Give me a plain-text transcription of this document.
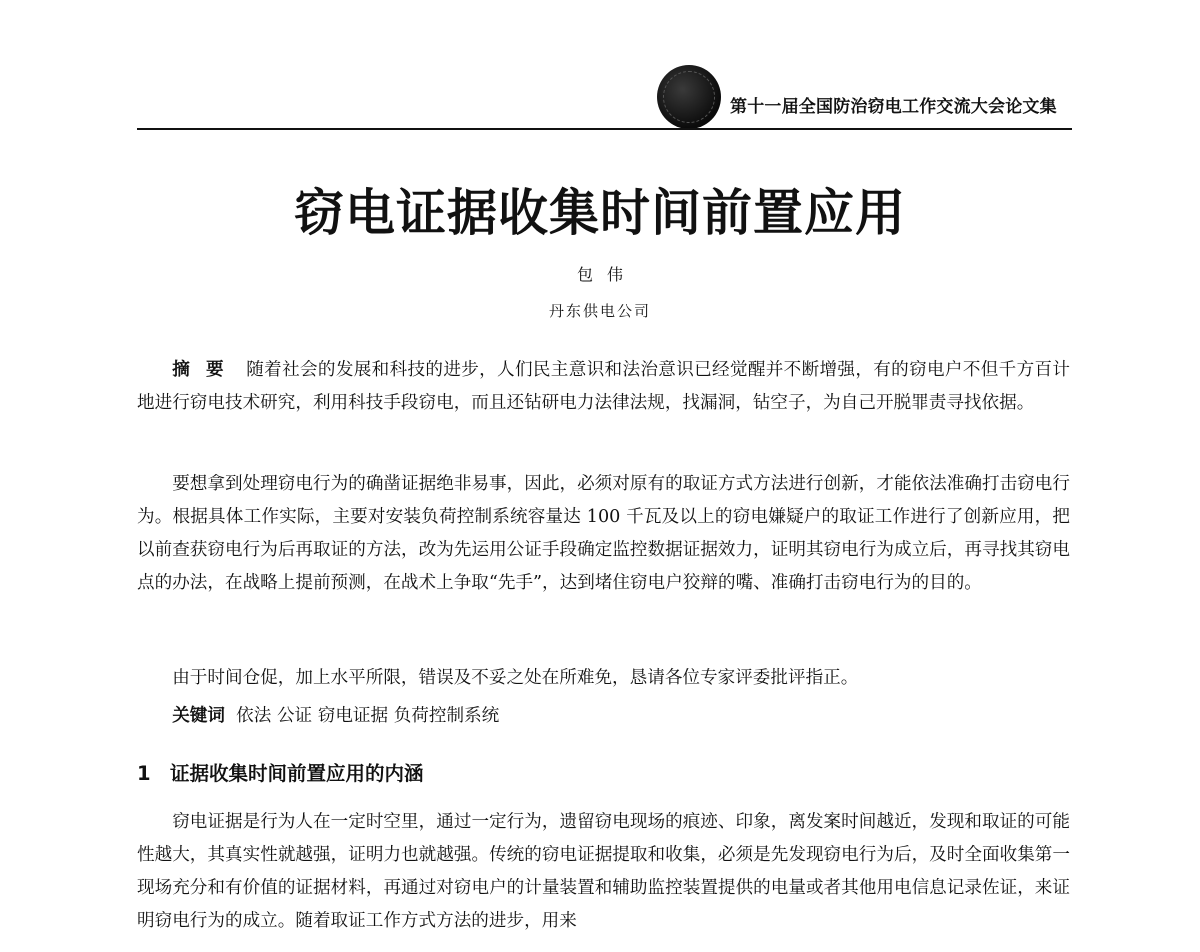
第十一届全国防治窃电工作交流大会论文集
窃电证据收集时间前置应用
包伟
丹东供电公司

摘要 随着社会的发展和科技的进步，人们民主意识和法治意识已经觉醒并不断增强，有的窃电户不但千方百计地进行窃电技术研究，利用科技手段窃电，而且还钻研电力法律法规，找漏洞，钻空子，为自己开脱罪责寻找依据。

要想拿到处理窃电行为的确凿证据绝非易事，因此，必须对原有的取证方式方法进行创新，才能依法准确打击窃电行为。根据具体工作实际，主要对安装负荷控制系统容量达 100 千瓦及以上的窃电嫌疑户的取证工作进行了创新应用，把以前查获窃电行为后再取证的方法，改为先运用公证手段确定监控数据证据效力，证明其窃电行为成立后，再寻找其窃电点的办法，在战略上提前预测，在战术上争取“先手”，达到堵住窃电户狡辩的嘴、准确打击窃电行为的目的。

由于时间仓促，加上水平所限，错误及不妥之处在所难免，恳请各位专家评委批评指正。

关键词 依法 公证 窃电证据 负荷控制系统

1 证据收集时间前置应用的内涵

窃电证据是行为人在一定时空里，通过一定行为，遗留窃电现场的痕迹、印象，离发案时间越近，发现和取证的可能性越大，其真实性就越强，证明力也就越强。传统的窃电证据提取和收集，必须是先发现窃电行为后，及时全面收集第一现场充分和有价值的证据材料，再通过对窃电户的计量装置和辅助监控装置提供的电量或者其他用电信息记录佐证，来证明窃电行为的成立。随着取证工作方式方法的进步，用来
